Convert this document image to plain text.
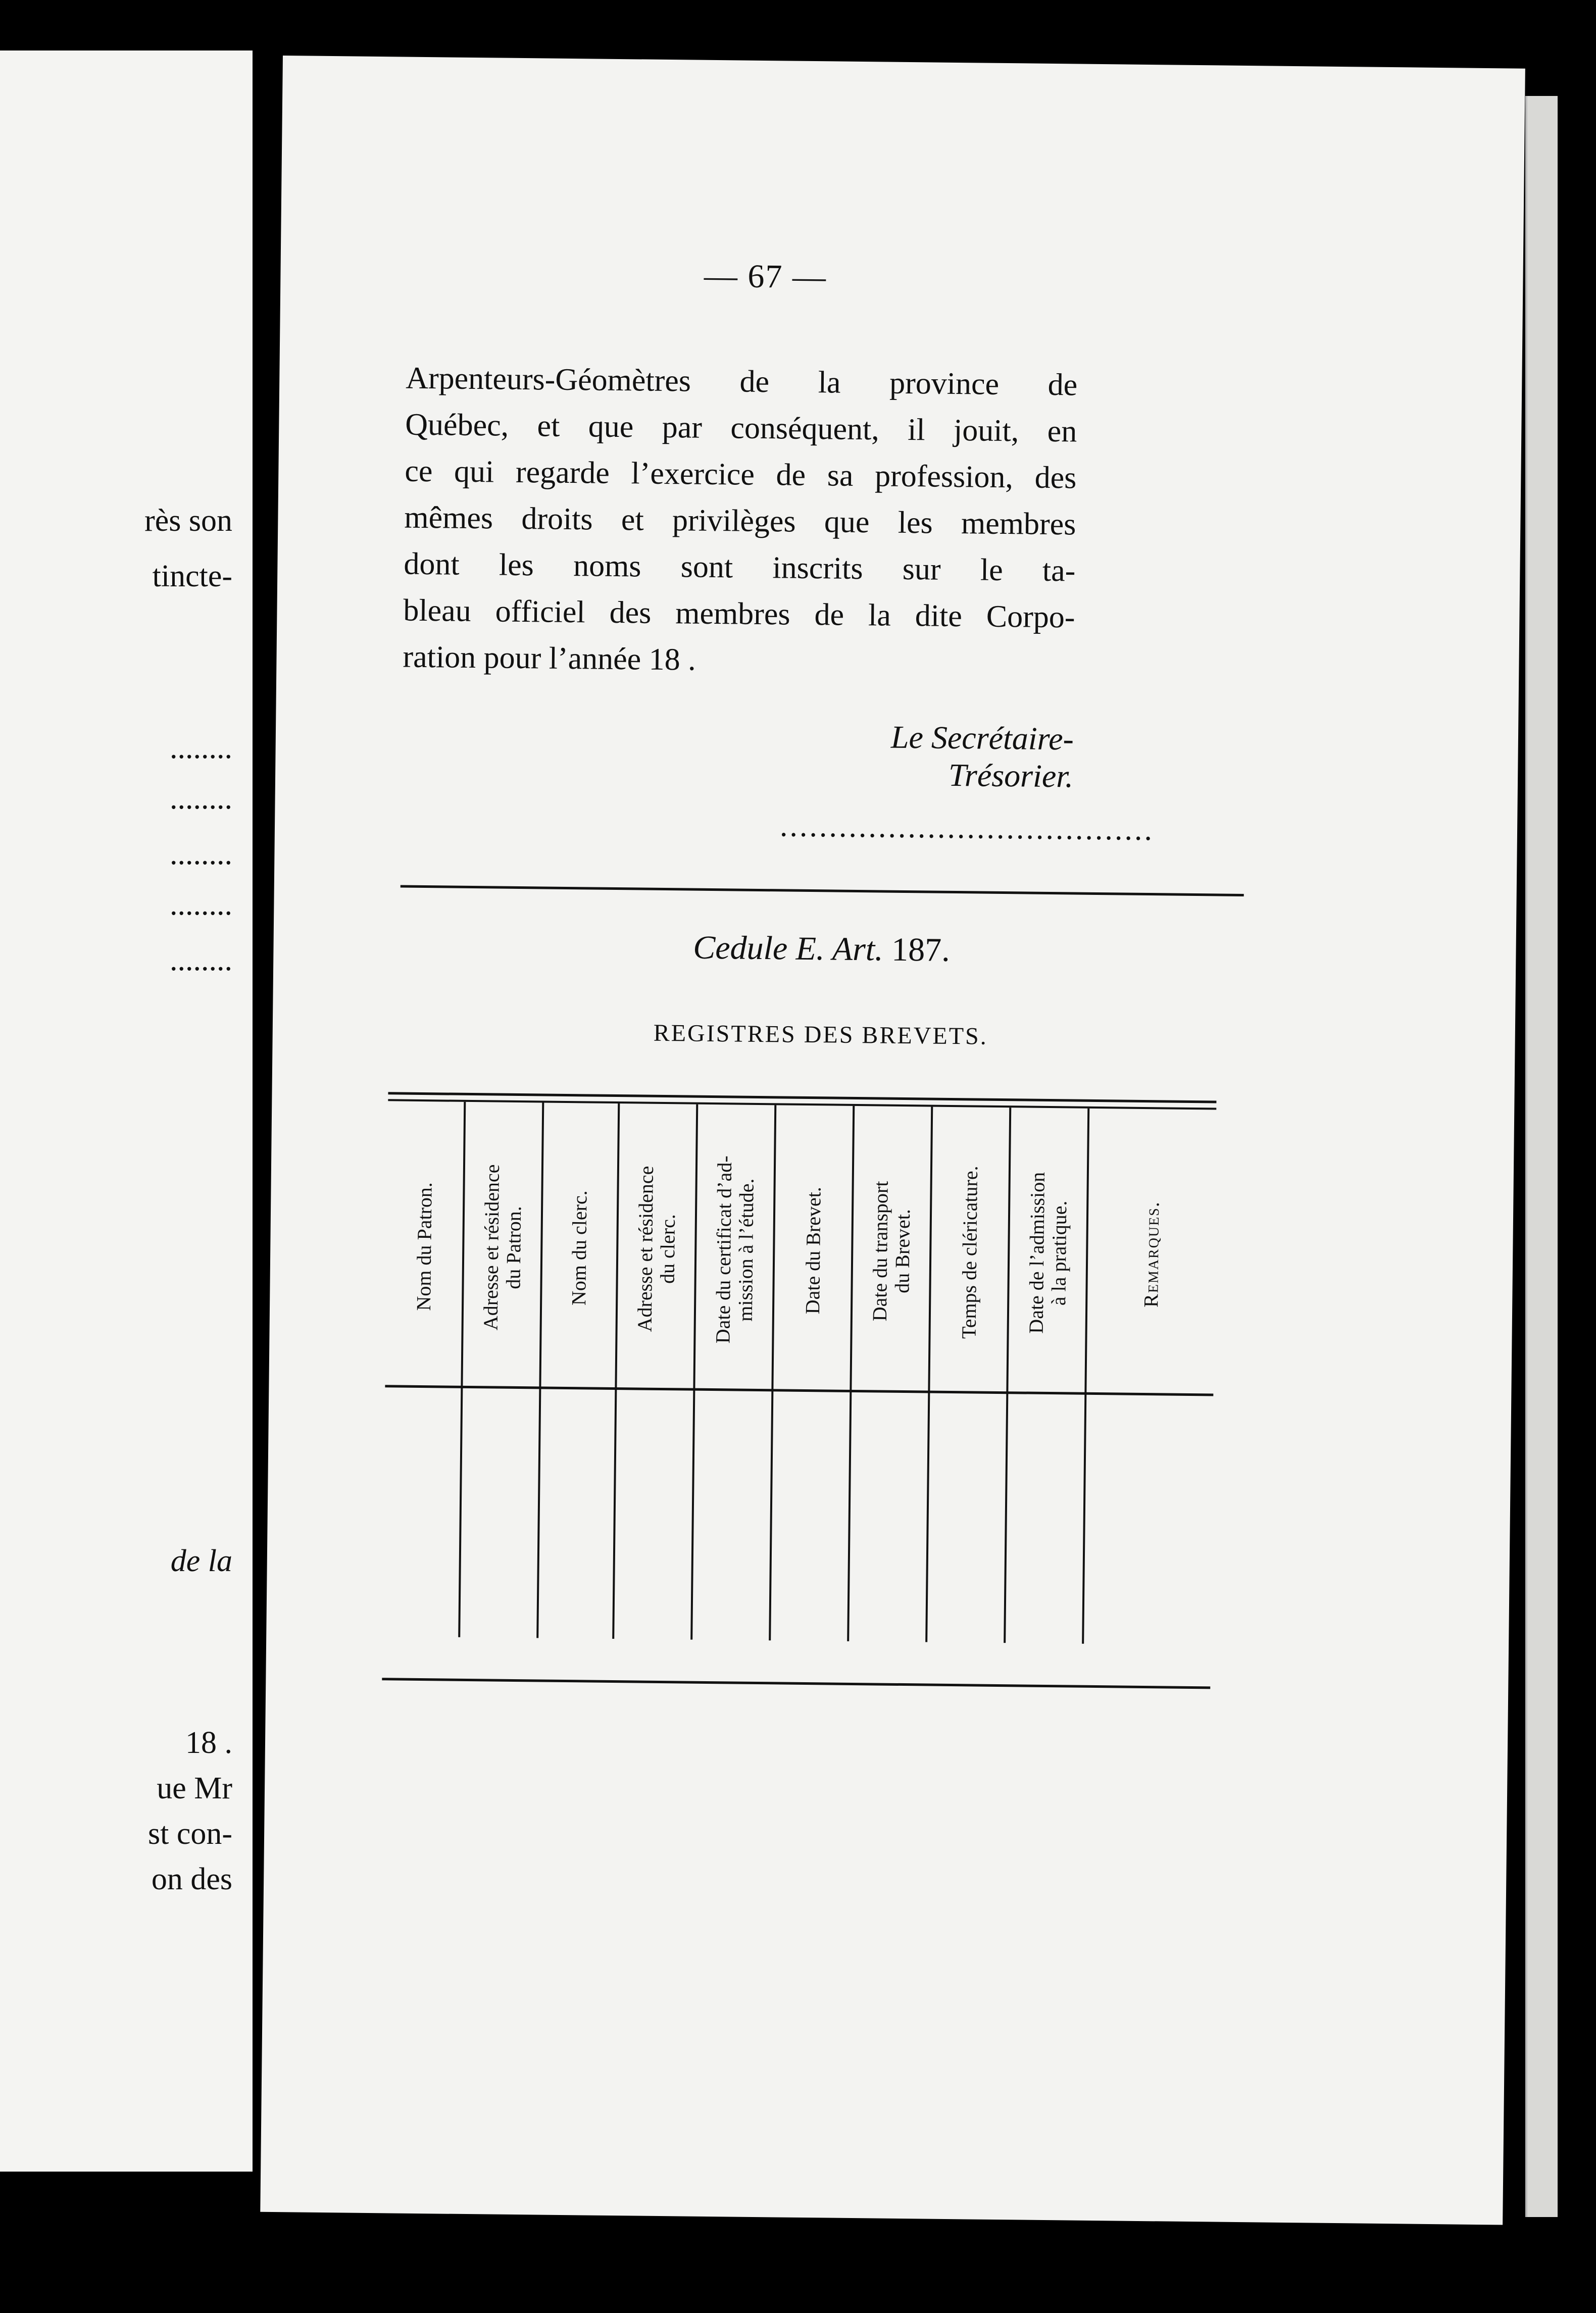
rès son
tincte-
........
........
........
........
........
de la
18 .
ue Mr
st con-
on des
— 67 —
Arpenteurs-Géomètres de la province de
Québec, et que par conséquent, il jouit, en
ce qui regarde l’exercice de sa profession, des
mêmes droits et privilèges que les membres
dont les noms sont inscrits sur le ta-
bleau officiel des membres de la dite Corpo-
ration pour l’année 18 .
Le Secrétaire-Trésorier.
......................................
Cedule E. Art. 187.
REGISTRES DES BREVETS.
Nom du Patron. Adresse et résidence
du Patron. Nom du clerc. Adresse et résidence
du clerc. Date du certificat d’ad-
mission à l’étude. Date du Brevet. Date du transport
du Brevet. Temps de cléricature. Date de l’admission
à la pratique.	Remarques.
